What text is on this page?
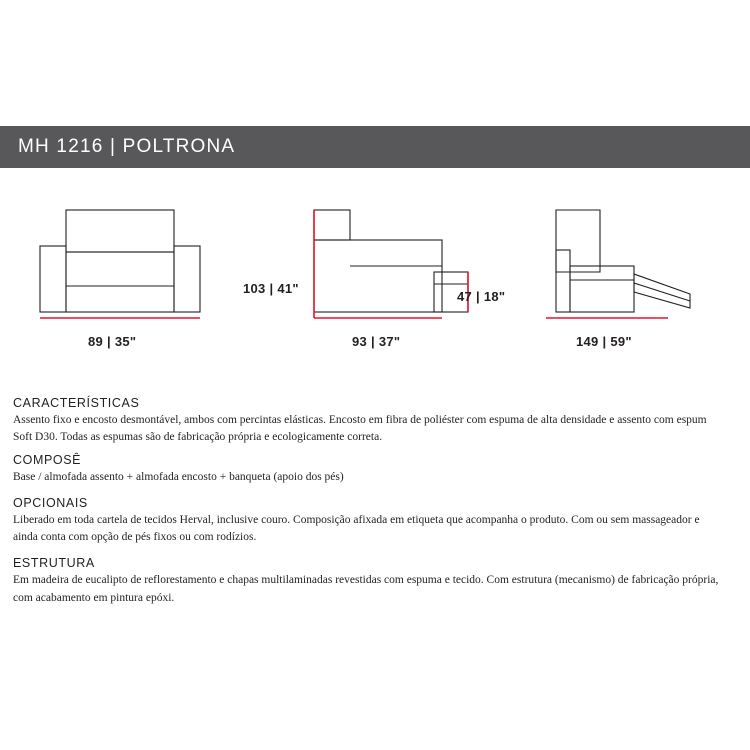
MH 1216 | POLTRONA
89 | 35"
103 | 41"
93 | 37"
47 | 18"
149 | 59"

CARACTERÍSTICAS

Assento fixo e encosto desmontável, ambos com percintas elásticas. Encosto em fibra de poliéster com espuma de alta densidade e assento com espum Soft D30. Todas as espumas são de fabricação própria e ecologicamente correta.

COMPOSÊ

Base / almofada assento + almofada encosto + banqueta (apoio dos pés)

OPCIONAIS

Liberado em toda cartela de tecidos Herval, inclusive couro. Composição afixada em etiqueta que acompanha o produto. Com ou sem massageador e ainda conta com opção de pés fixos ou com rodízios.

ESTRUTURA

Em madeira de eucalipto de reflorestamento e chapas multilaminadas revestidas com espuma e tecido. Com estrutura (mecanismo) de fabricação própria, com acabamento em pintura epóxi.
